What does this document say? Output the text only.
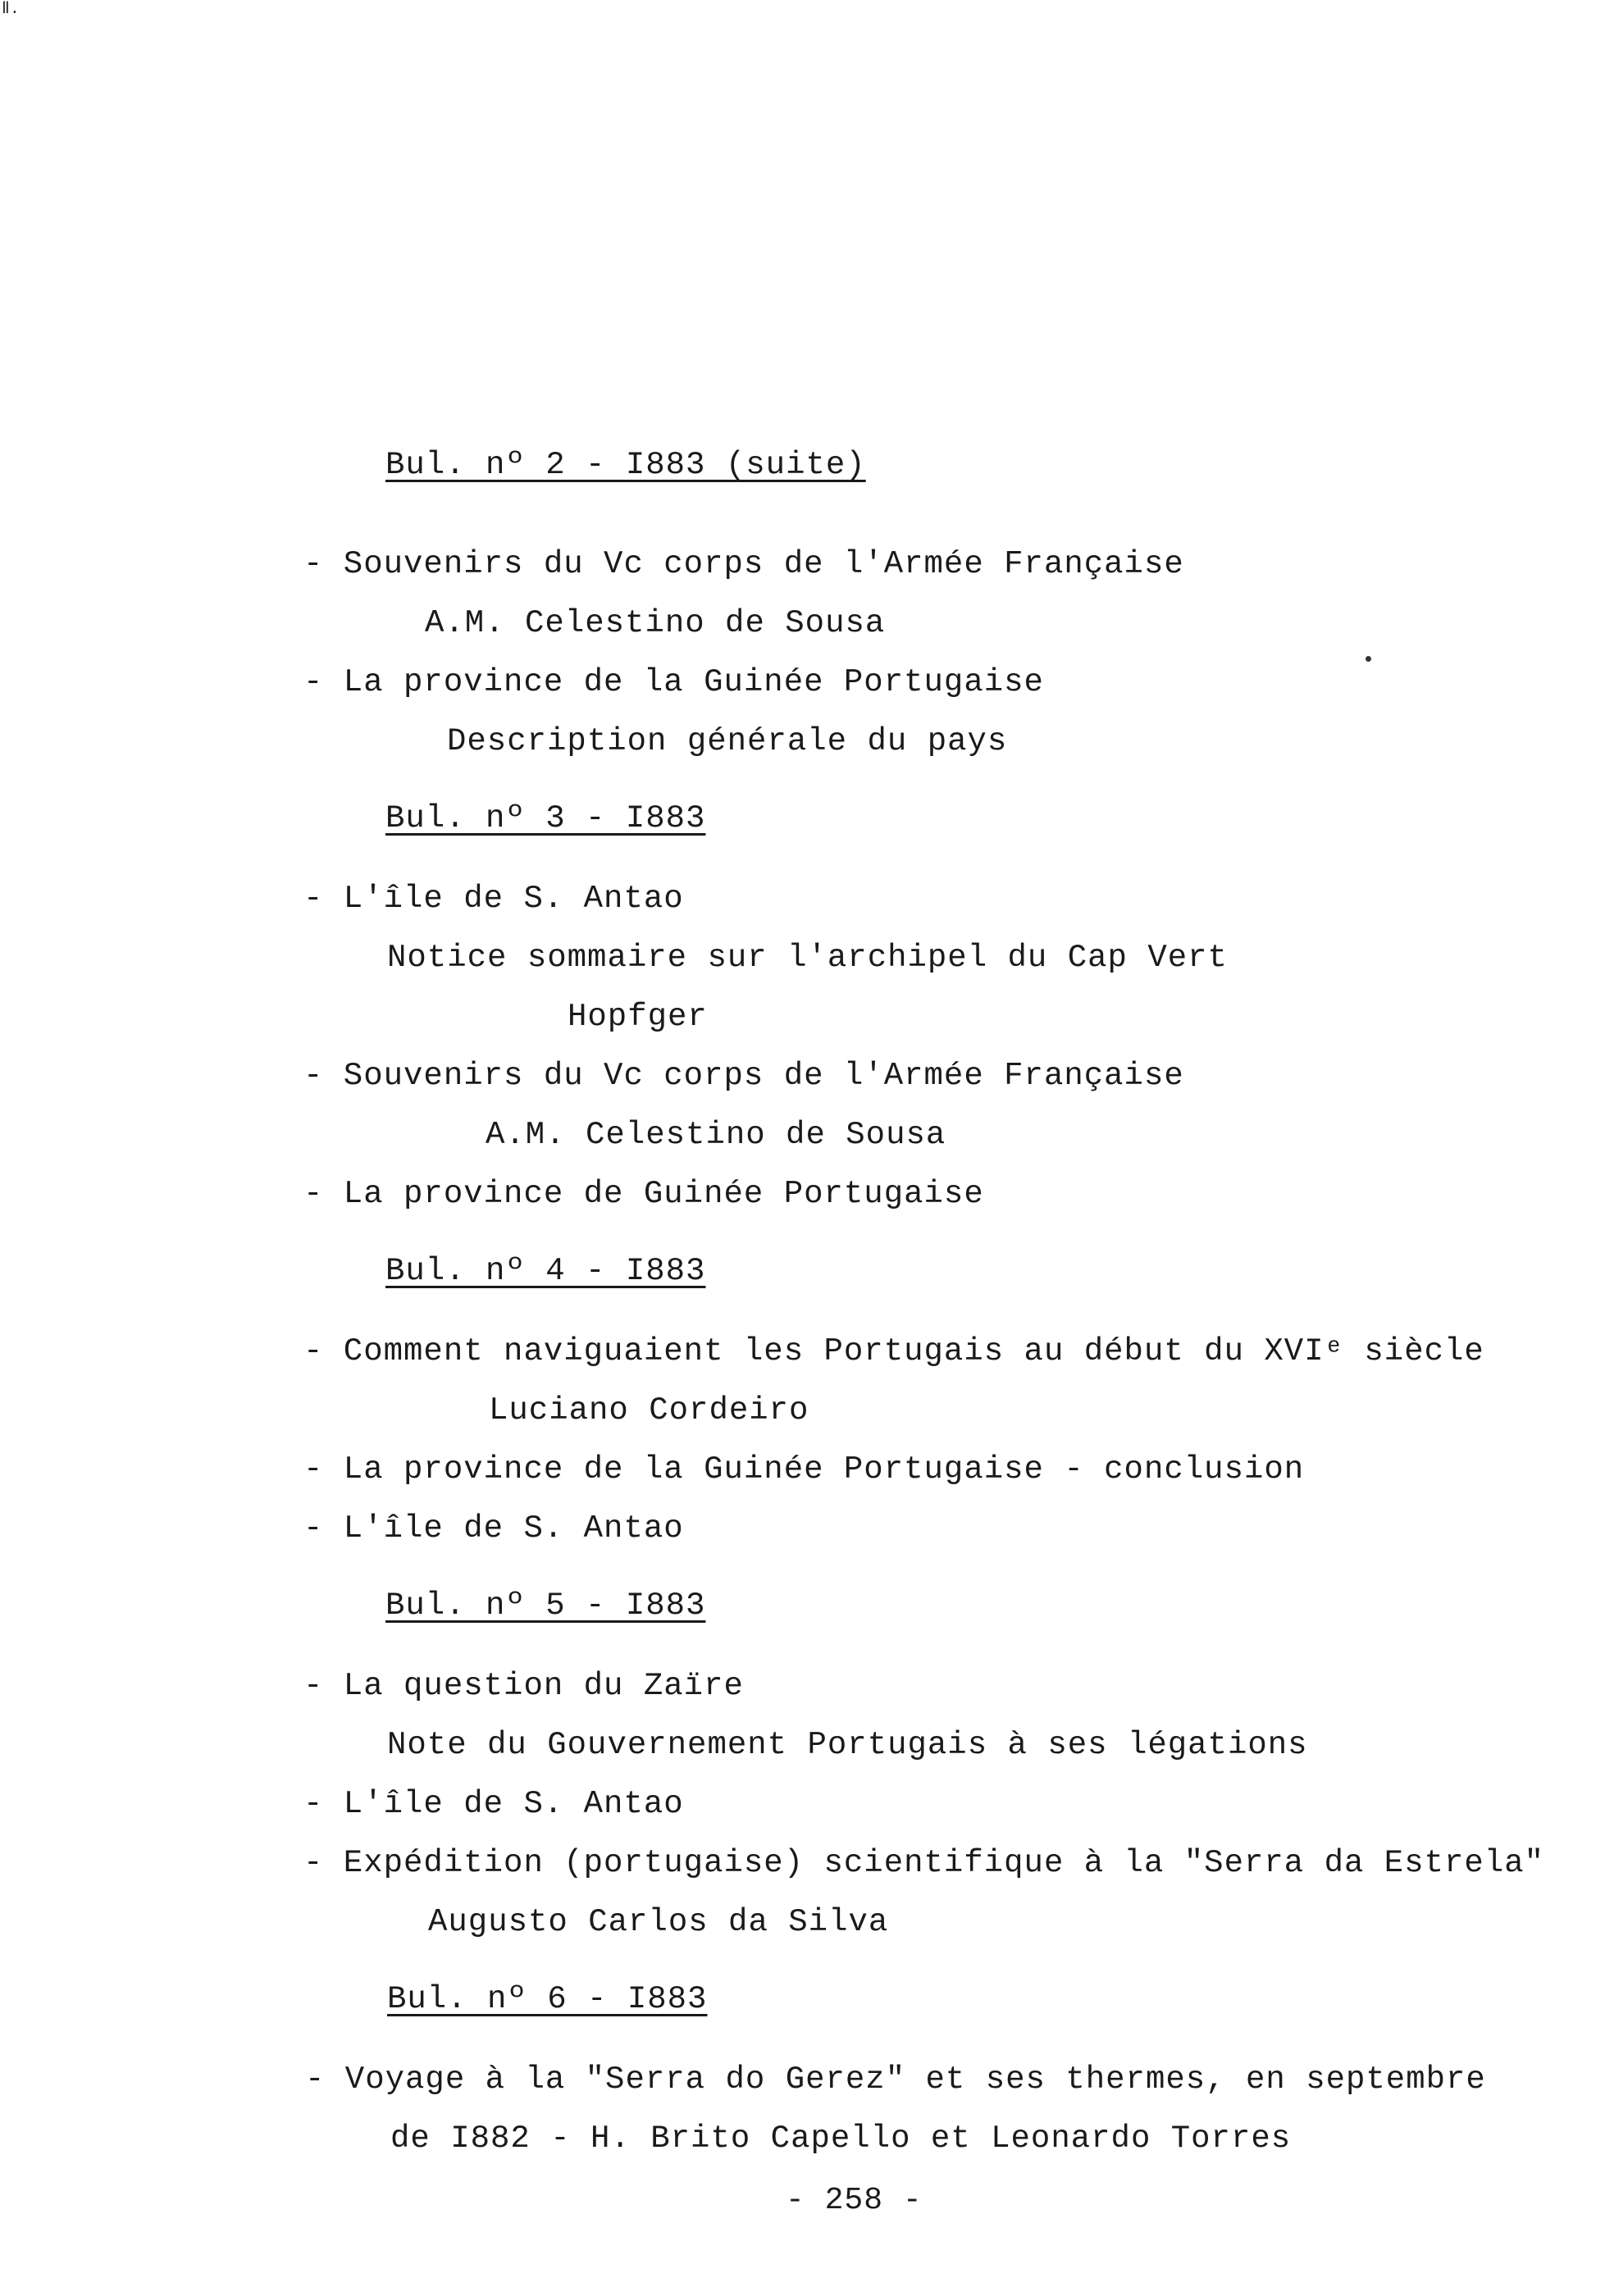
Ⅱ.
Bul. nº 2 - I883 (suite)
- Souvenirs du Vc corps de l'Armée Française
A.M. Celestino de Sousa
- La province de la Guinée Portugaise
Description générale du pays
Bul. nº 3 - I883
- L'île de S. Antao
Notice sommaire sur l'archipel du Cap Vert
Hopfger
- Souvenirs du Vc corps de l'Armée Française
A.M. Celestino de Sousa
- La province de Guinée Portugaise
Bul. nº 4 - I883
- Comment naviguaient les Portugais au début du XVIᵉ siècle
Luciano Cordeiro
- La province de la Guinée Portugaise - conclusion
- L'île de S. Antao
Bul. nº 5 - I883
- La question du Zaïre
Note du Gouvernement Portugais à ses légations
- L'île de S. Antao
- Expédition (portugaise) scientifique à la "Serra da Estrela"
Augusto Carlos da Silva
Bul. nº 6 - I883
- Voyage à la "Serra do Gerez" et ses thermes, en septembre
de I882 - H. Brito Capello et Leonardo Torres
- 258 -
